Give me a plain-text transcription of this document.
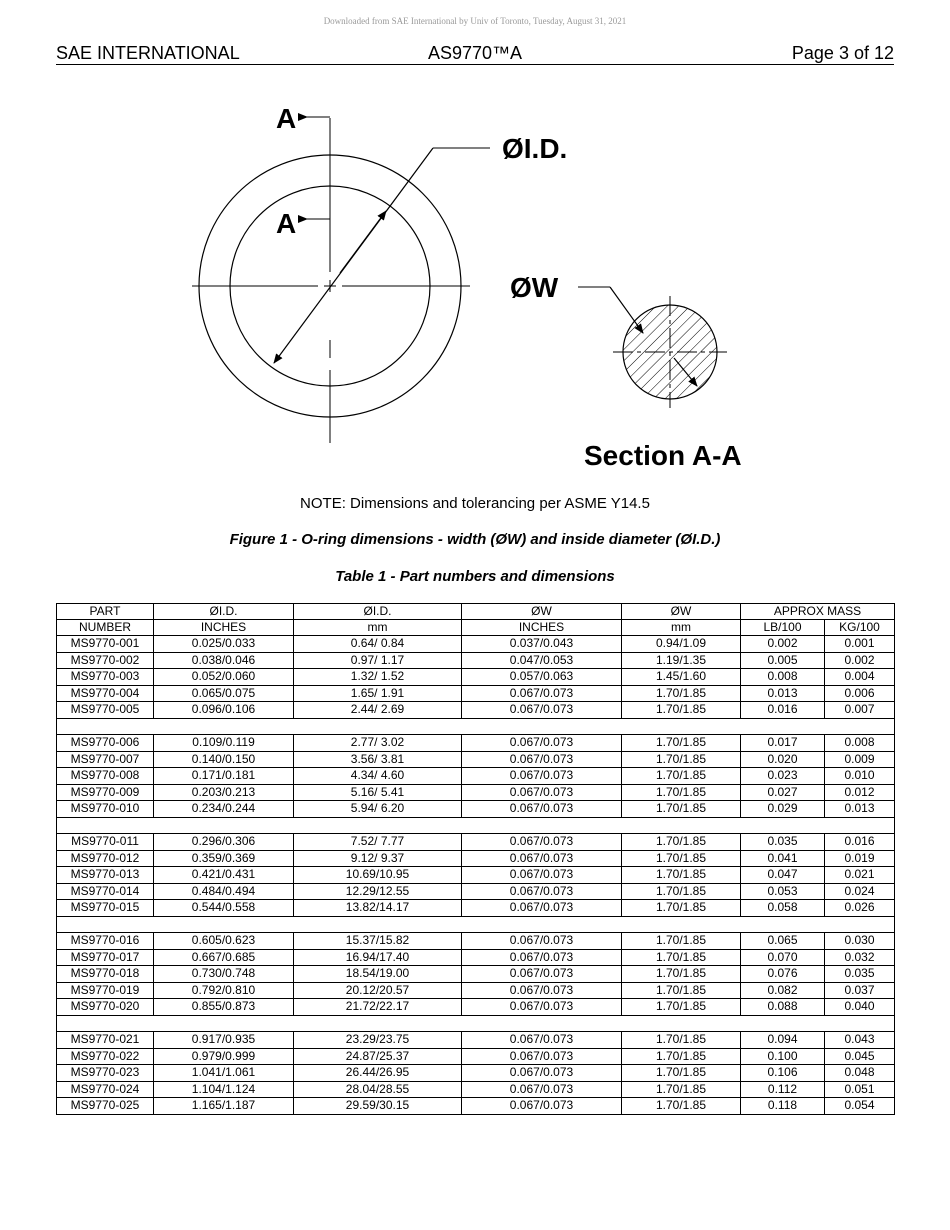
Downloaded from SAE International by Univ of Toronto, Tuesday, August 31, 2021
SAE INTERNATIONAL	AS9770™A	Page 3 of 12
A
A
ØI.D.
ØW
Section A-A
NOTE: Dimensions and tolerancing per ASME Y14.5
Figure 1 - O-ring dimensions - width (ØW) and inside diameter (ØI.D.)
Table 1 - Part numbers and dimensions
PART	ØI.D.	ØI.D.	ØW	ØW	APPROX MASS	
NUMBER	INCHES	mm	INCHES	mm	LB/100	KG/100
MS9770-001	0.025/0.033	0.64/ 0.84	0.037/0.043	0.94/1.09	0.002	0.001
MS9770-002	0.038/0.046	0.97/ 1.17	0.047/0.053	1.19/1.35	0.005	0.002
MS9770-003	0.052/0.060	1.32/ 1.52	0.057/0.063	1.45/1.60	0.008	0.004
MS9770-004	0.065/0.075	1.65/ 1.91	0.067/0.073	1.70/1.85	0.013	0.006
MS9770-005	0.096/0.106	2.44/ 2.69	0.067/0.073	1.70/1.85	0.016	0.007

MS9770-006	0.109/0.119	2.77/ 3.02	0.067/0.073	1.70/1.85	0.017	0.008
MS9770-007	0.140/0.150	3.56/ 3.81	0.067/0.073	1.70/1.85	0.020	0.009
MS9770-008	0.171/0.181	4.34/ 4.60	0.067/0.073	1.70/1.85	0.023	0.010
MS9770-009	0.203/0.213	5.16/ 5.41	0.067/0.073	1.70/1.85	0.027	0.012
MS9770-010	0.234/0.244	5.94/ 6.20	0.067/0.073	1.70/1.85	0.029	0.013

MS9770-011	0.296/0.306	7.52/ 7.77	0.067/0.073	1.70/1.85	0.035	0.016
MS9770-012	0.359/0.369	9.12/ 9.37	0.067/0.073	1.70/1.85	0.041	0.019
MS9770-013	0.421/0.431	10.69/10.95	0.067/0.073	1.70/1.85	0.047	0.021
MS9770-014	0.484/0.494	12.29/12.55	0.067/0.073	1.70/1.85	0.053	0.024
MS9770-015	0.544/0.558	13.82/14.17	0.067/0.073	1.70/1.85	0.058	0.026

MS9770-016	0.605/0.623	15.37/15.82	0.067/0.073	1.70/1.85	0.065	0.030
MS9770-017	0.667/0.685	16.94/17.40	0.067/0.073	1.70/1.85	0.070	0.032
MS9770-018	0.730/0.748	18.54/19.00	0.067/0.073	1.70/1.85	0.076	0.035
MS9770-019	0.792/0.810	20.12/20.57	0.067/0.073	1.70/1.85	0.082	0.037
MS9770-020	0.855/0.873	21.72/22.17	0.067/0.073	1.70/1.85	0.088	0.040

MS9770-021	0.917/0.935	23.29/23.75	0.067/0.073	1.70/1.85	0.094	0.043
MS9770-022	0.979/0.999	24.87/25.37	0.067/0.073	1.70/1.85	0.100	0.045
MS9770-023	1.041/1.061	26.44/26.95	0.067/0.073	1.70/1.85	0.106	0.048
MS9770-024	1.104/1.124	28.04/28.55	0.067/0.073	1.70/1.85	0.112	0.051
MS9770-025	1.165/1.187	29.59/30.15	0.067/0.073	1.70/1.85	0.118	0.054
